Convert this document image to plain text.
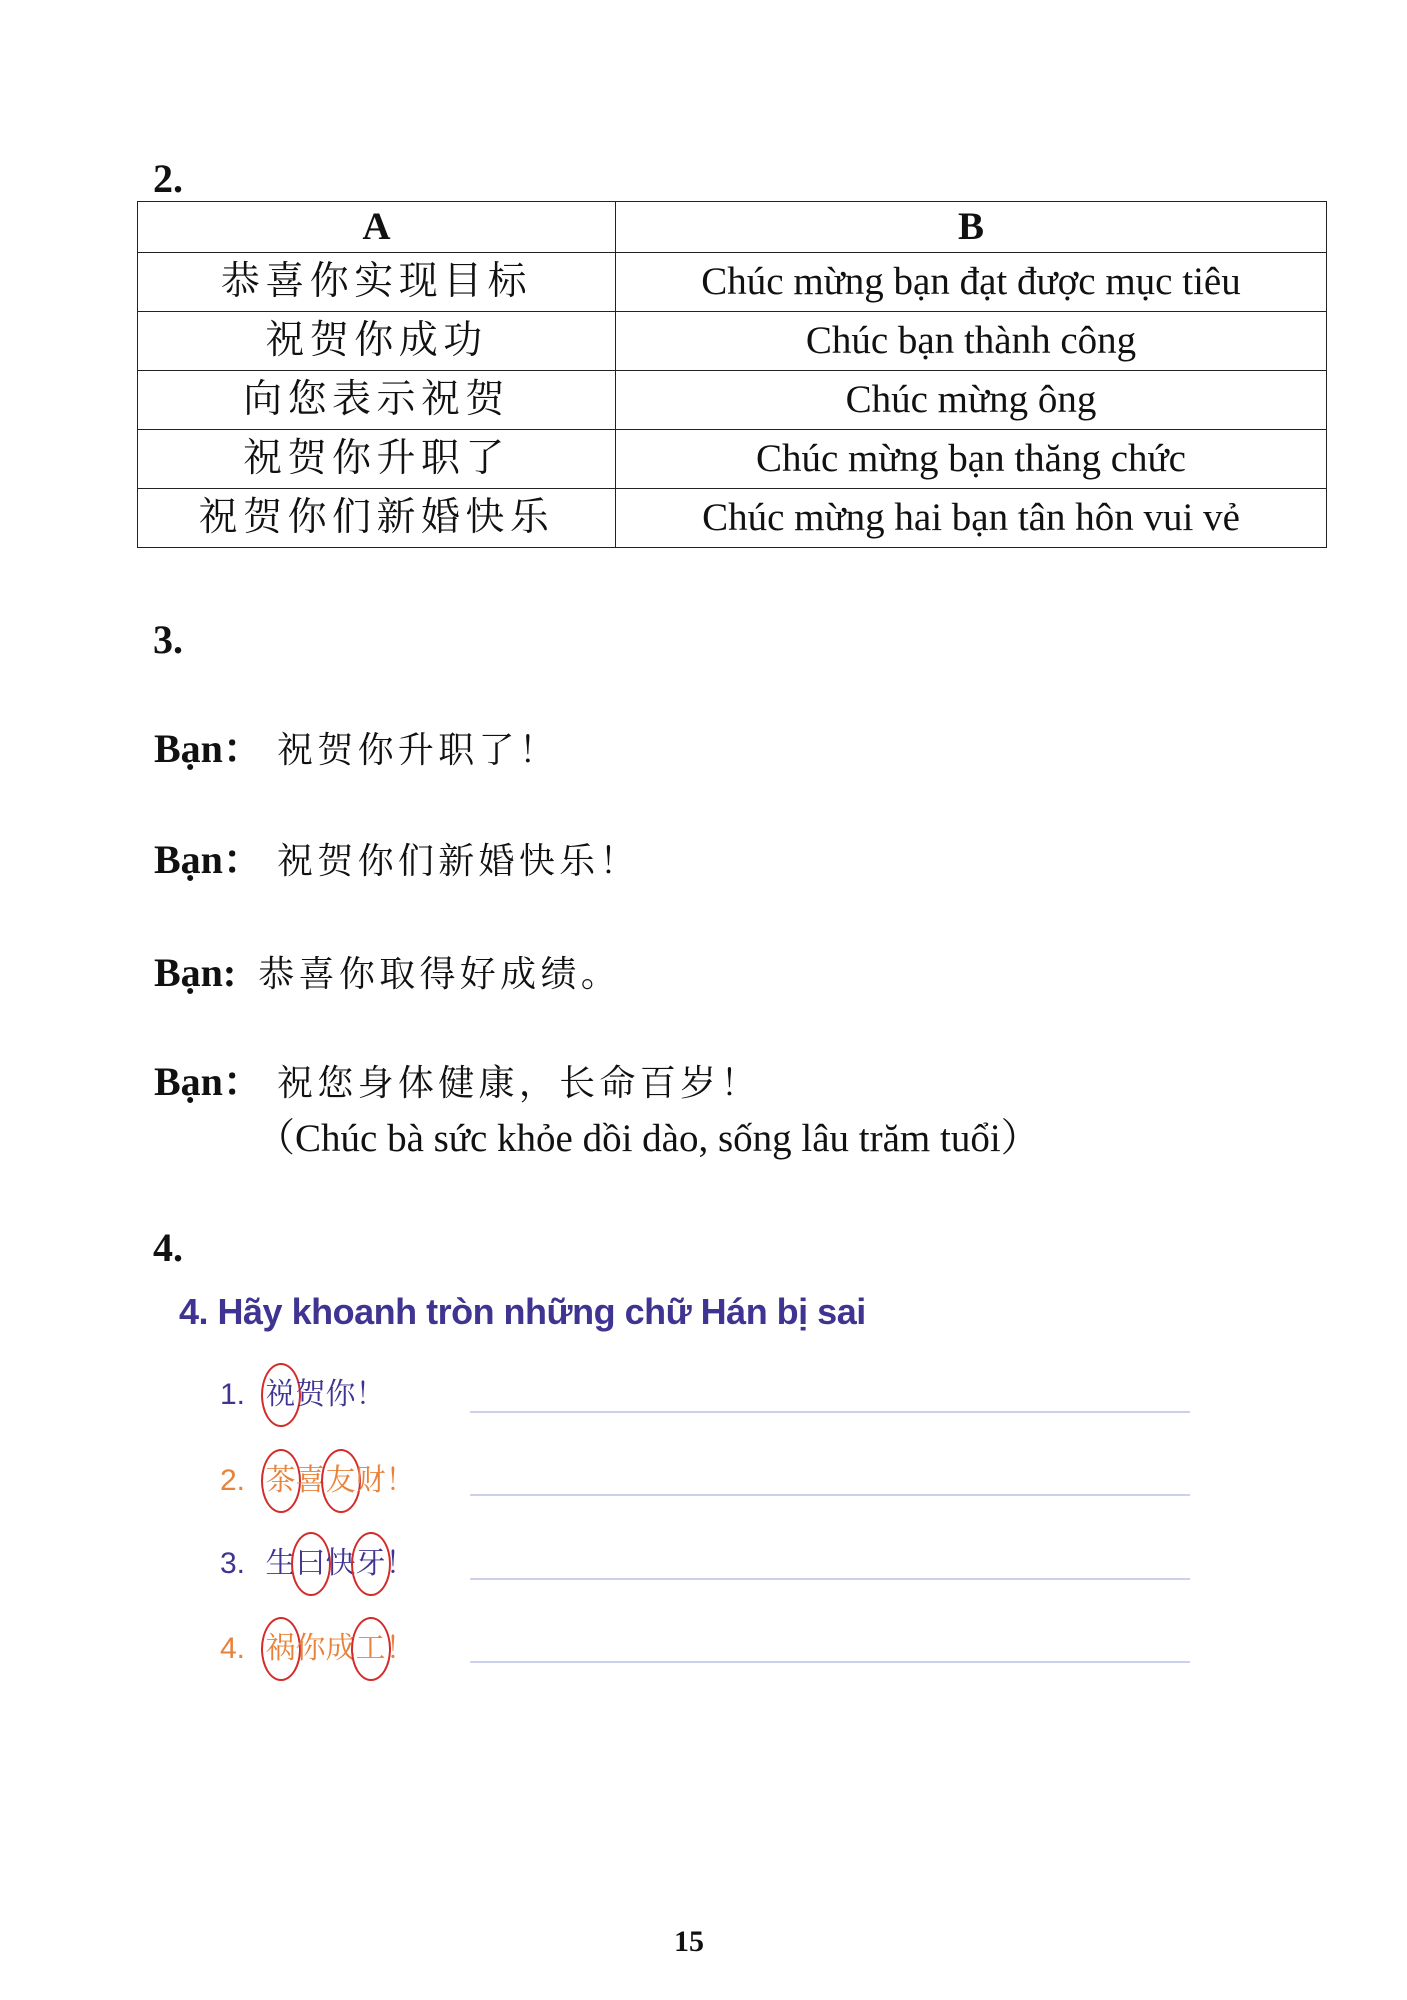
2.
A	B
恭喜你实现目标	Chúc mừng bạn đạt được mục tiêu
祝贺你成功	Chúc bạn thành công
向您表示祝贺	Chúc mừng ông
祝贺你升职了	Chúc mừng bạn thăng chức
祝贺你们新婚快乐	Chúc mừng hai bạn tân hôn vui vẻ
3.
Bạn： 祝贺你升职了！
Bạn： 祝贺你们新婚快乐！
Bạn: 恭喜你取得好成绩。
Bạn： 祝您身体健康，长命百岁！
（Chúc bà sức khỏe dồi dào, sống lâu trăm tuổi）
4.
4. Hãy khoanh tròn những chữ Hán bị sai
1. 祱贺你！
2. 茶喜友财！
3. 生曰快牙！
4. 祸你成工！
15
